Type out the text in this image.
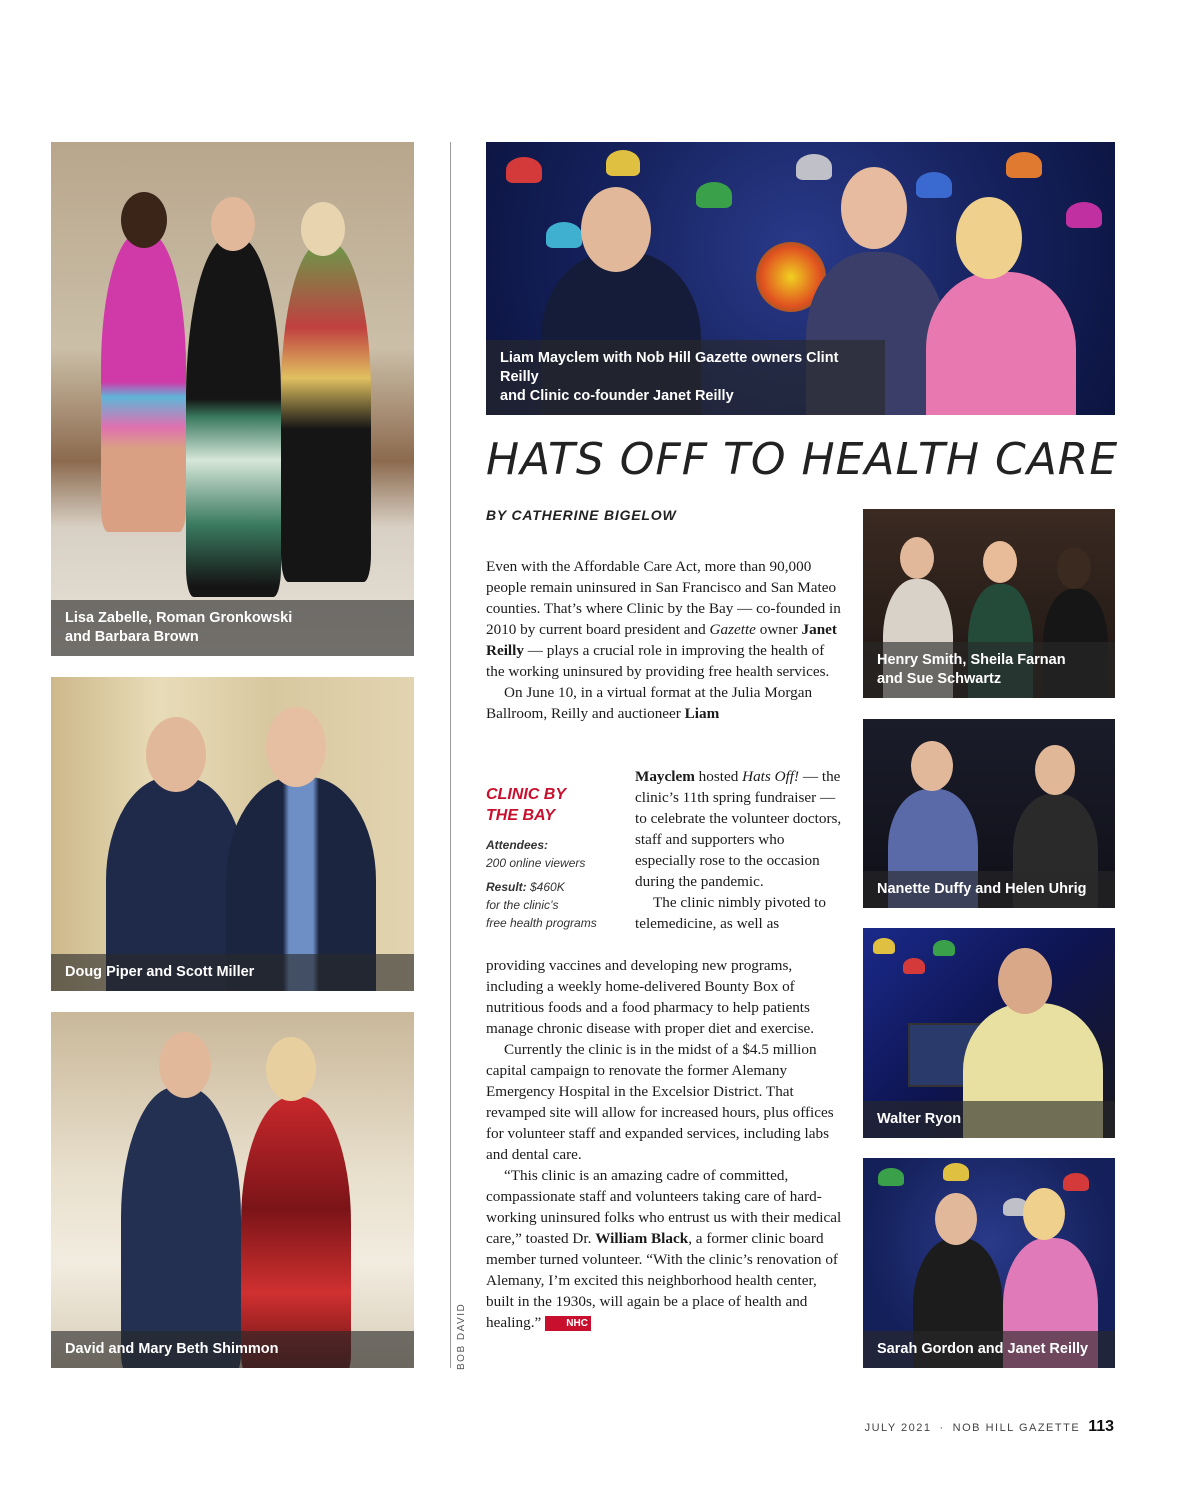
Lisa Zabelle, Roman Gronkowski
and Barbara Brown
Doug Piper and Scott Miller
David and Mary Beth Shimmon	BOB DAVID
Liam Mayclem with Nob Hill Gazette owners Clint Reilly
and Clinic co-founder Janet Reilly
Henry Smith, Sheila Farnan
and Sue Schwartz
Nanette Duffy and Helen Uhrig
Walter Ryon
Sarah Gordon and Janet Reilly
HATS OFF TO HEALTH CARE
BY CATHERINE BIGELOW

Even with the Affordable Care Act, more than 90,000 people remain uninsured in San Francisco and San Mateo counties. That’s where Clinic by the Bay — co-founded in 2010 by current board president and Gazette owner Janet Reilly — plays a crucial role in improving the health of the working uninsured by providing free health services.

On June 10, in a virtual format at the Julia Morgan Ballroom, Reilly and auctioneer Liam

CLINIC BY
THE BAY
Attendees:
200 online viewers
Result: $460K
for the clinic’s
free health programs

Mayclem hosted Hats Off! — the clinic’s 11th spring fundraiser — to celebrate the volunteer doctors, staff and supporters who especially rose to the occasion during the pandemic.

The clinic nimbly pivoted to telemedicine, as well as

providing vaccines and developing new programs, including a weekly home-delivered Bounty Box of nutritious foods and a food pharmacy to help patients manage chronic disease with proper diet and exercise.

Currently the clinic is in the midst of a $4.5 million capital campaign to renovate the former Alemany Emergency Hospital in the Excelsior District. That revamped site will allow for increased hours, plus offices for volunteer staff and expanded services, including labs and dental care.

“This clinic is an amazing cadre of committed, compassionate staff and volunteers taking care of hard-working uninsured folks who entrust us with their medical care,” toasted Dr. William Black, a former clinic board member turned volunteer. “With the clinic’s renovation of Alemany, I’m excited this neighborhood health center, built in the 1930s, will again be a place of health and healing.”	NHC

JULY 2021 · NOB HILL GAZETTE 113
